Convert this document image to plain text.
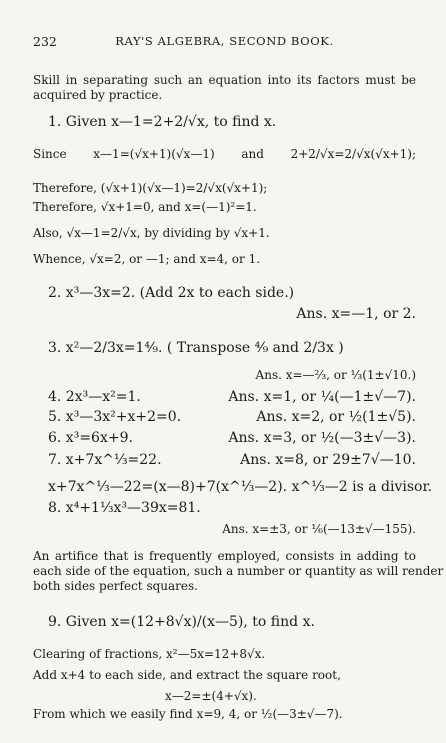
232	RAY'S ALGEBRA, SECOND BOOK.
Skill in separating such an equation into its factors must be
acquired by practice.
1. Given x—1=2+2/√x, to find x.
Since x—1=(√x+1)(√x—1) and 2+2/√x=2/√x(√x+1);
Therefore, (√x+1)(√x—1)=2/√x(√x+1);
Therefore, √x+1=0, and x=(—1)²=1.
Also, √x—1=2/√x, by dividing by √x+1.
Whence, √x=2, or —1; and x=4, or 1.
2. x³—3x=2. (Add 2x to each side.)
Ans. x=—1, or 2.
3. x²—2/3x=1⁴⁄₉. ( Transpose ⁴⁄₉ and 2/3x )
Ans. x=—²⁄₃, or ⅓(1±√10.)
4. 2x³—x²=1.	Ans. x=1, or ¼(—1±√—7).
5. x³—3x²+x+2=0.	Ans. x=2, or ½(1±√5).
6. x³=6x+9.	Ans. x=3, or ½(—3±√—3).
7. x+7x^⅓=22.	Ans. x=8, or 29±7√—10.
x+7x^⅓—22=(x—8)+7(x^⅓—2). x^⅓—2 is a divisor.
8. x⁴+1⅓x³—39x=81.
Ans. x=±3, or ⅙(—13±√—155).
An artifice that is frequently employed, consists in adding to
each side of the equation, such a number or quantity as will render
both sides perfect squares.
9. Given x=(12+8√x)/(x—5), to find x.
Clearing of fractions, x²—5x=12+8√x.
Add x+4 to each side, and extract the square root,
x—2=±(4+√x).
From which we easily find x=9, 4, or ½(—3±√—7).
